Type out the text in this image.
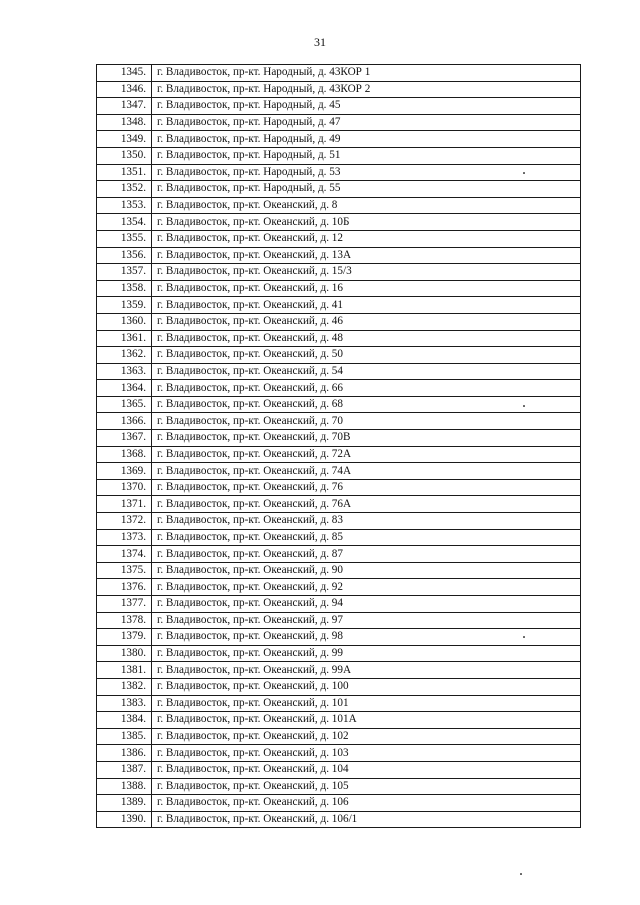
31
1345.	г. Владивосток, пр-кт. Народный, д. 43КОР 1
1346.	г. Владивосток, пр-кт. Народный, д. 43КОР 2
1347.	г. Владивосток, пр-кт. Народный, д. 45
1348.	г. Владивосток, пр-кт. Народный, д. 47
1349.	г. Владивосток, пр-кт. Народный, д. 49
1350.	г. Владивосток, пр-кт. Народный, д. 51
1351.	г. Владивосток, пр-кт. Народный, д. 53
1352.	г. Владивосток, пр-кт. Народный, д. 55
1353.	г. Владивосток, пр-кт. Океанский, д. 8
1354.	г. Владивосток, пр-кт. Океанский, д. 10Б
1355.	г. Владивосток, пр-кт. Океанский, д. 12
1356.	г. Владивосток, пр-кт. Океанский, д. 13А
1357.	г. Владивосток, пр-кт. Океанский, д. 15/3
1358.	г. Владивосток, пр-кт. Океанский, д. 16
1359.	г. Владивосток, пр-кт. Океанский, д. 41
1360.	г. Владивосток, пр-кт. Океанский, д. 46
1361.	г. Владивосток, пр-кт. Океанский, д. 48
1362.	г. Владивосток, пр-кт. Океанский, д. 50
1363.	г. Владивосток, пр-кт. Океанский, д. 54
1364.	г. Владивосток, пр-кт. Океанский, д. 66
1365.	г. Владивосток, пр-кт. Океанский, д. 68
1366.	г. Владивосток, пр-кт. Океанский, д. 70
1367.	г. Владивосток, пр-кт. Океанский, д. 70В
1368.	г. Владивосток, пр-кт. Океанский, д. 72А
1369.	г. Владивосток, пр-кт. Океанский, д. 74А
1370.	г. Владивосток, пр-кт. Океанский, д. 76
1371.	г. Владивосток, пр-кт. Океанский, д. 76А
1372.	г. Владивосток, пр-кт. Океанский, д. 83
1373.	г. Владивосток, пр-кт. Океанский, д. 85
1374.	г. Владивосток, пр-кт. Океанский, д. 87
1375.	г. Владивосток, пр-кт. Океанский, д. 90
1376.	г. Владивосток, пр-кт. Океанский, д. 92
1377.	г. Владивосток, пр-кт. Океанский, д. 94
1378.	г. Владивосток, пр-кт. Океанский, д. 97
1379.	г. Владивосток, пр-кт. Океанский, д. 98
1380.	г. Владивосток, пр-кт. Океанский, д. 99
1381.	г. Владивосток, пр-кт. Океанский, д. 99А
1382.	г. Владивосток, пр-кт. Океанский, д. 100
1383.	г. Владивосток, пр-кт. Океанский, д. 101
1384.	г. Владивосток, пр-кт. Океанский, д. 101А
1385.	г. Владивосток, пр-кт. Океанский, д. 102
1386.	г. Владивосток, пр-кт. Океанский, д. 103
1387.	г. Владивосток, пр-кт. Океанский, д. 104
1388.	г. Владивосток, пр-кт. Океанский, д. 105
1389.	г. Владивосток, пр-кт. Океанский, д. 106
1390.	г. Владивосток, пр-кт. Океанский, д. 106/1
